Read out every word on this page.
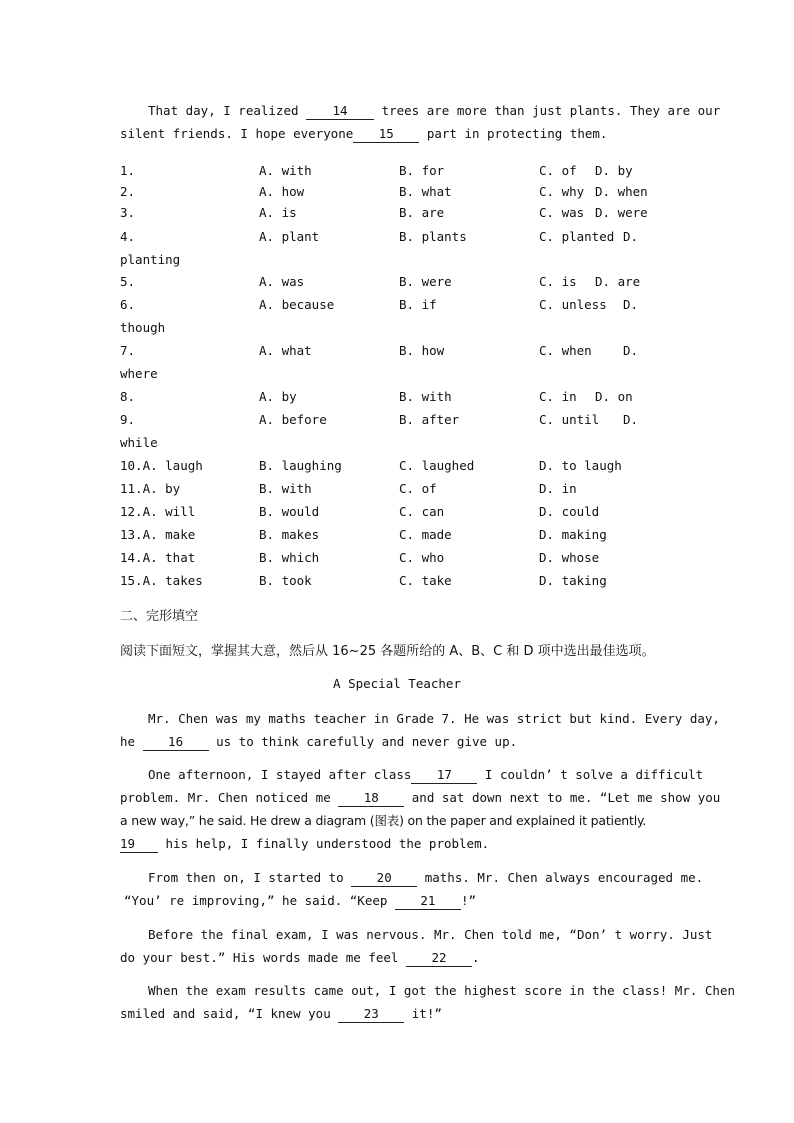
That day, I realized 14 trees are more than just plants. They are our
silent friends. I hope everyone 15 part in protecting them.
1.	A. with	B. for	C. of D. by
2.	A. how	B. what	C. why D. when
3.	A. is	B. are	C. was D. were
4.	A. plant	B. plants	C. planted D.
planting
5.	A. was	B. were	C. is D. are
6.	A. because	B. if	C. unless D.
though
7.	A. what	B. how	C. when	D.
where
8.	A. by	B. with	C. in D. on
9.	A. before	B. after	C. until D.
while
10.A. laugh	B. laughing	C. laughed	D. to laugh
11.A. by	B. with	C. of	D. in
12.A. will	B. would	C. can	D. could
13.A. make	B. makes	C. made	D. making
14.A. that	B. which	C. who	D. whose
15.A. takes	B. took	C. take	D. taking
二、完形填空
阅读下面短文，掌握其大意，然后从 16~25 各题所给的 A、B、C 和 D 项中选出最佳选项。
A Special Teacher
Mr. Chen was my maths teacher in Grade 7. He was strict but kind. Every day,
he 16 us to think carefully and never give up.
One afternoon, I stayed after class 17 I couldn’ t solve a difficult
problem. Mr. Chen noticed me 18 and sat down next to me. “Let me show you
a new way,” he said. He drew a diagram (图表) on the paper and explained it patiently.
19 his help, I finally understood the problem.
From then on, I started to 20 maths. Mr. Chen always encouraged me.
“You’ re improving,” he said. “Keep 21 !”
Before the final exam, I was nervous. Mr. Chen told me, “Don’ t worry. Just
do your best.” His words made me feel 22 .
When the exam results came out, I got the highest score in the class! Mr. Chen
smiled and said, “I knew you 23 it!”
